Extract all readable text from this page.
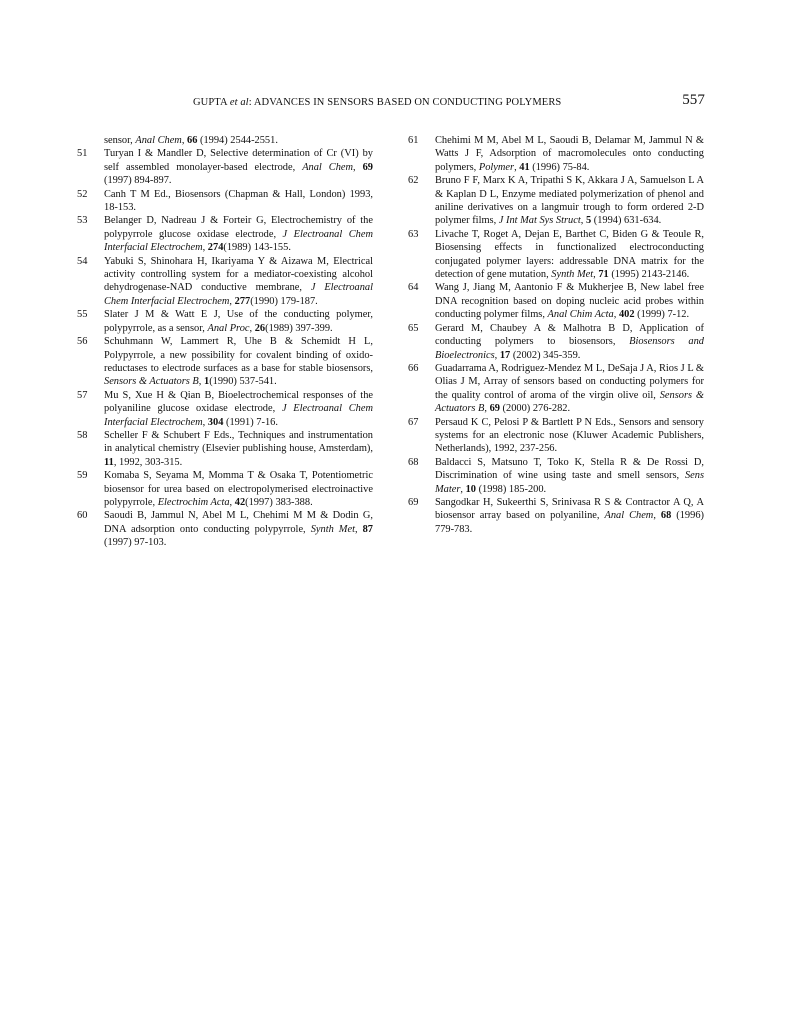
GUPTA et al: ADVANCES IN SENSORS BASED ON CONDUCTING POLYMERS	557

sensor, Anal Chem, 66 (1994) 2544-2551.

51 Turyan I & Mandler D, Selective determination of Cr (VI) by self assembled monolayer-based electrode, Anal Chem, 69 (1997) 894-897.

52 Canh T M Ed., Biosensors (Chapman & Hall, London) 1993, 18-153.

53 Belanger D, Nadreau J & Forteir G, Electrochemistry of the polypyrrole glucose oxidase electrode, J Electroanal Chem Interfacial Electrochem, 274(1989) 143-155.

54 Yabuki S, Shinohara H, Ikariyama Y & Aizawa M, Electrical activity controlling system for a mediator-coexisting alcohol dehydrogenase-NAD conductive membrane, J Electroanal Chem Interfacial Electrochem, 277(1990) 179-187.

55 Slater J M & Watt E J, Use of the conducting polymer, polypyrrole, as a sensor, Anal Proc, 26(1989) 397-399.

56 Schuhmann W, Lammert R, Uhe B & Schemidt H L, Polypyrrole, a new possibility for covalent binding of oxido-reductases to electrode surfaces as a base for stable biosensors, Sensors & Actuators B, 1(1990) 537-541.

57 Mu S, Xue H & Qian B, Bioelectrochemical responses of the polyaniline glucose oxidase electrode, J Electroanal Chem Interfacial Electrochem, 304 (1991) 7-16.

58 Scheller F & Schubert F Eds., Techniques and instrumentation in analytical chemistry (Elsevier publishing house, Amsterdam), 11, 1992, 303-315.

59 Komaba S, Seyama M, Momma T & Osaka T, Potentiometric biosensor for urea based on electropolymerised electroinactive polypyrrole, Electrochim Acta, 42(1997) 383-388.

60 Saoudi B, Jammul N, Abel M L, Chehimi M M & Dodin G, DNA adsorption onto conducting polypyrrole, Synth Met, 87 (1997) 97-103.

61 Chehimi M M, Abel M L, Saoudi B, Delamar M, Jammul N & Watts J F, Adsorption of macromolecules onto conducting polymers, Polymer, 41 (1996) 75-84.

62 Bruno F F, Marx K A, Tripathi S K, Akkara J A, Samuelson L A & Kaplan D L, Enzyme mediated polymerization of phenol and aniline derivatives on a langmuir trough to form ordered 2-D polymer films, J Int Mat Sys Struct, 5 (1994) 631-634.

63 Livache T, Roget A, Dejan E, Barthet C, Biden G & Teoule R, Biosensing effects in functionalized electroconducting conjugated polymer layers: addressable DNA matrix for the detection of gene mutation, Synth Met, 71 (1995) 2143-2146.

64 Wang J, Jiang M, Aantonio F & Mukherjee B, New label free DNA recognition based on doping nucleic acid probes within conducting polymer films, Anal Chim Acta, 402 (1999) 7-12.

65 Gerard M, Chaubey A & Malhotra B D, Application of conducting polymers to biosensors, Biosensors and Bioelectronics, 17 (2002) 345-359.

66 Guadarrama A, Rodriguez-Mendez M L, DeSaja J A, Rios J L & Olias J M, Array of sensors based on conducting polymers for the quality control of aroma of the virgin olive oil, Sensors & Actuators B, 69 (2000) 276-282.

67 Persaud K C, Pelosi P & Bartlett P N Eds., Sensors and sensory systems for an electronic nose (Kluwer Academic Publishers, Netherlands), 1992, 237-256.

68 Baldacci S, Matsuno T, Toko K, Stella R & De Rossi D, Discrimination of wine using taste and smell sensors, Sens Mater, 10 (1998) 185-200.

69 Sangodkar H, Sukeerthi S, Srinivasa R S & Contractor A Q, A biosensor array based on polyaniline, Anal Chem, 68 (1996) 779-783.
